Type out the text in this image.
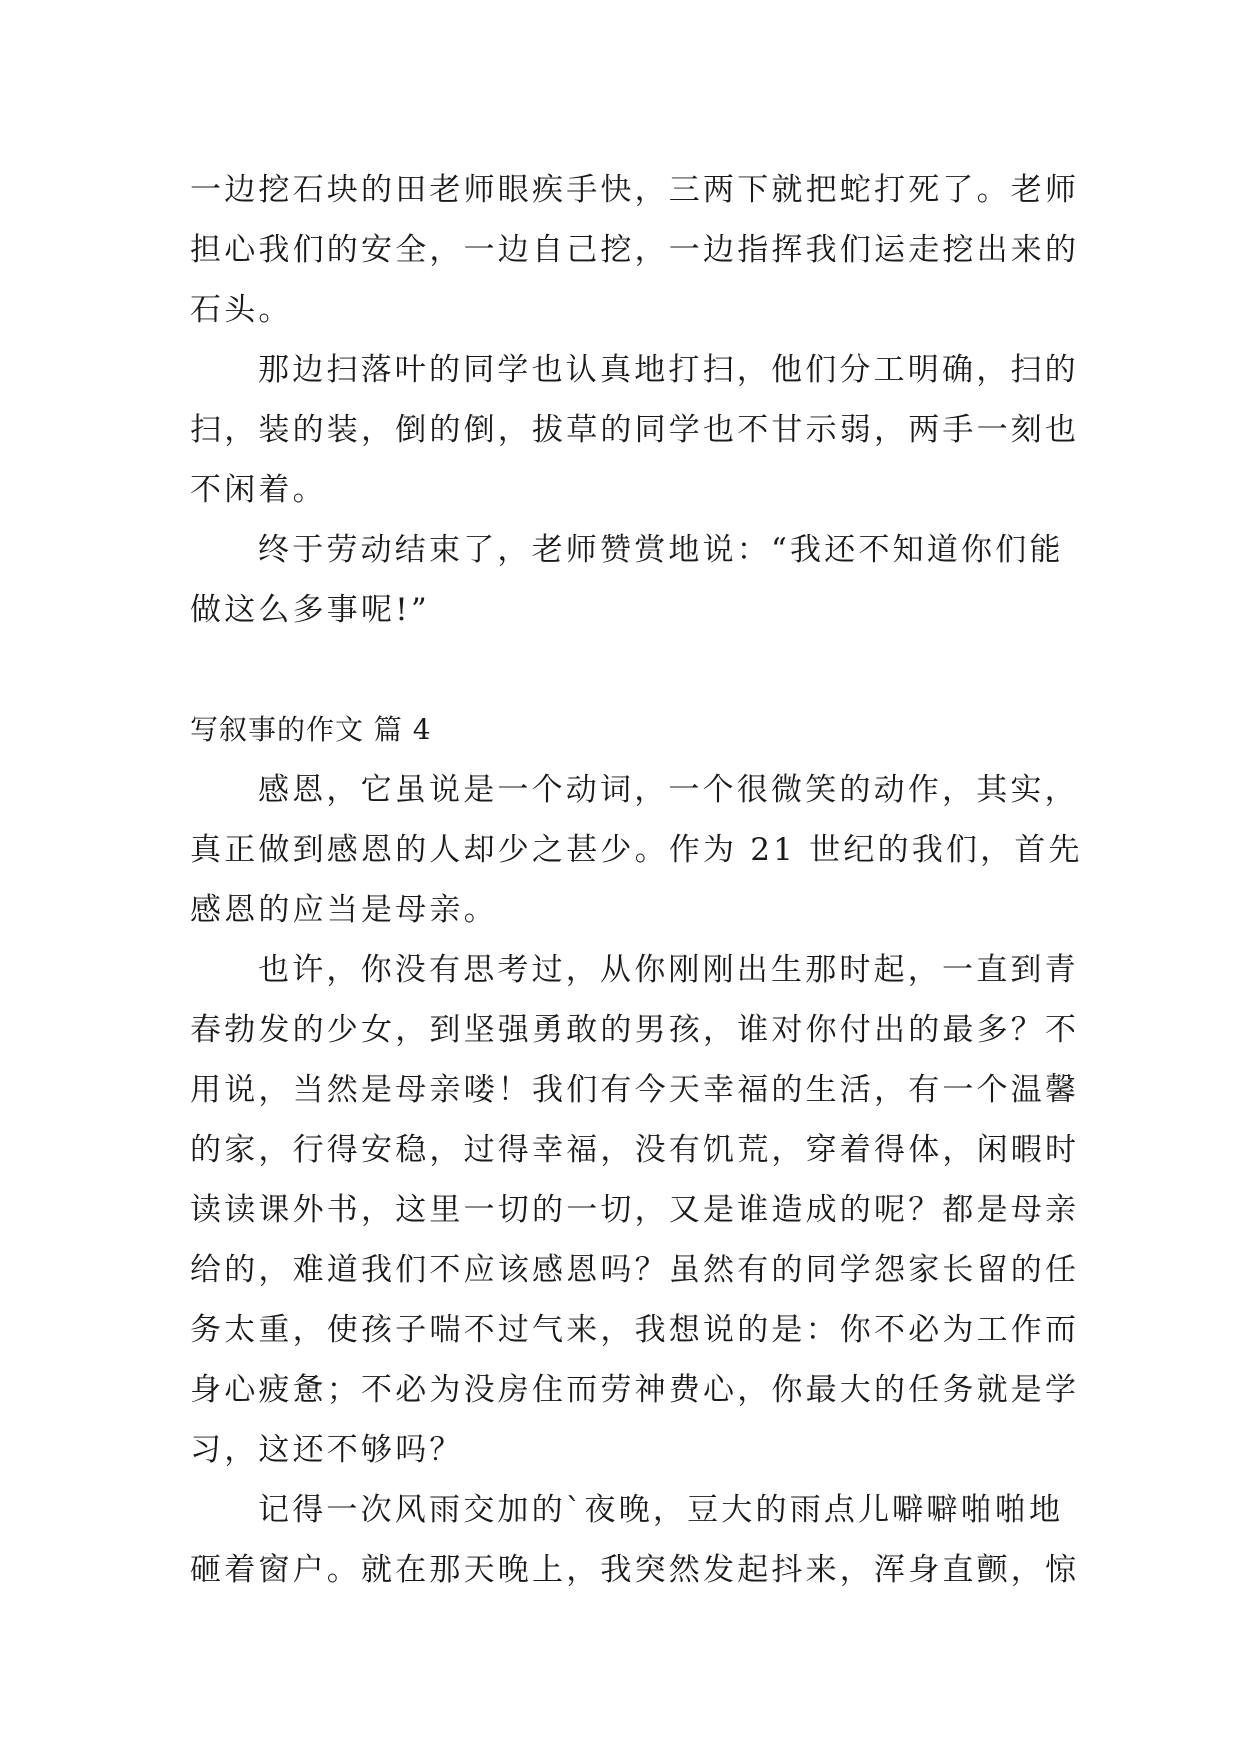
一边挖石块的田老师眼疾手快，三两下就把蛇打死了。老师
担心我们的安全，一边自己挖，一边指挥我们运走挖出来的
石头。
那边扫落叶的同学也认真地打扫，他们分工明确，扫的
扫，装的装，倒的倒，拔草的同学也不甘示弱，两手一刻也
不闲着。
终于劳动结束了，老师赞赏地说：“我还不知道你们能
做这么多事呢!”
写叙事的作文 篇 4
感恩，它虽说是一个动词，一个很微笑的动作，其实，
真正做到感恩的人却少之甚少。作为 21 世纪的我们，首先
感恩的应当是母亲。
也许，你没有思考过，从你刚刚出生那时起，一直到青
春勃发的少女，到坚强勇敢的男孩，谁对你付出的最多？不
用说，当然是母亲喽！我们有今天幸福的生活，有一个温馨
的家，行得安稳，过得幸福，没有饥荒，穿着得体，闲暇时
读读课外书，这里一切的一切，又是谁造成的呢？都是母亲
给的，难道我们不应该感恩吗？虽然有的同学怨家长留的任
务太重，使孩子喘不过气来，我想说的是：你不必为工作而
身心疲惫；不必为没房住而劳神费心，你最大的任务就是学
习，这还不够吗？
记得一次风雨交加的`夜晚，豆大的雨点儿噼噼啪啪地
砸着窗户。就在那天晚上，我突然发起抖来，浑身直颤，惊
